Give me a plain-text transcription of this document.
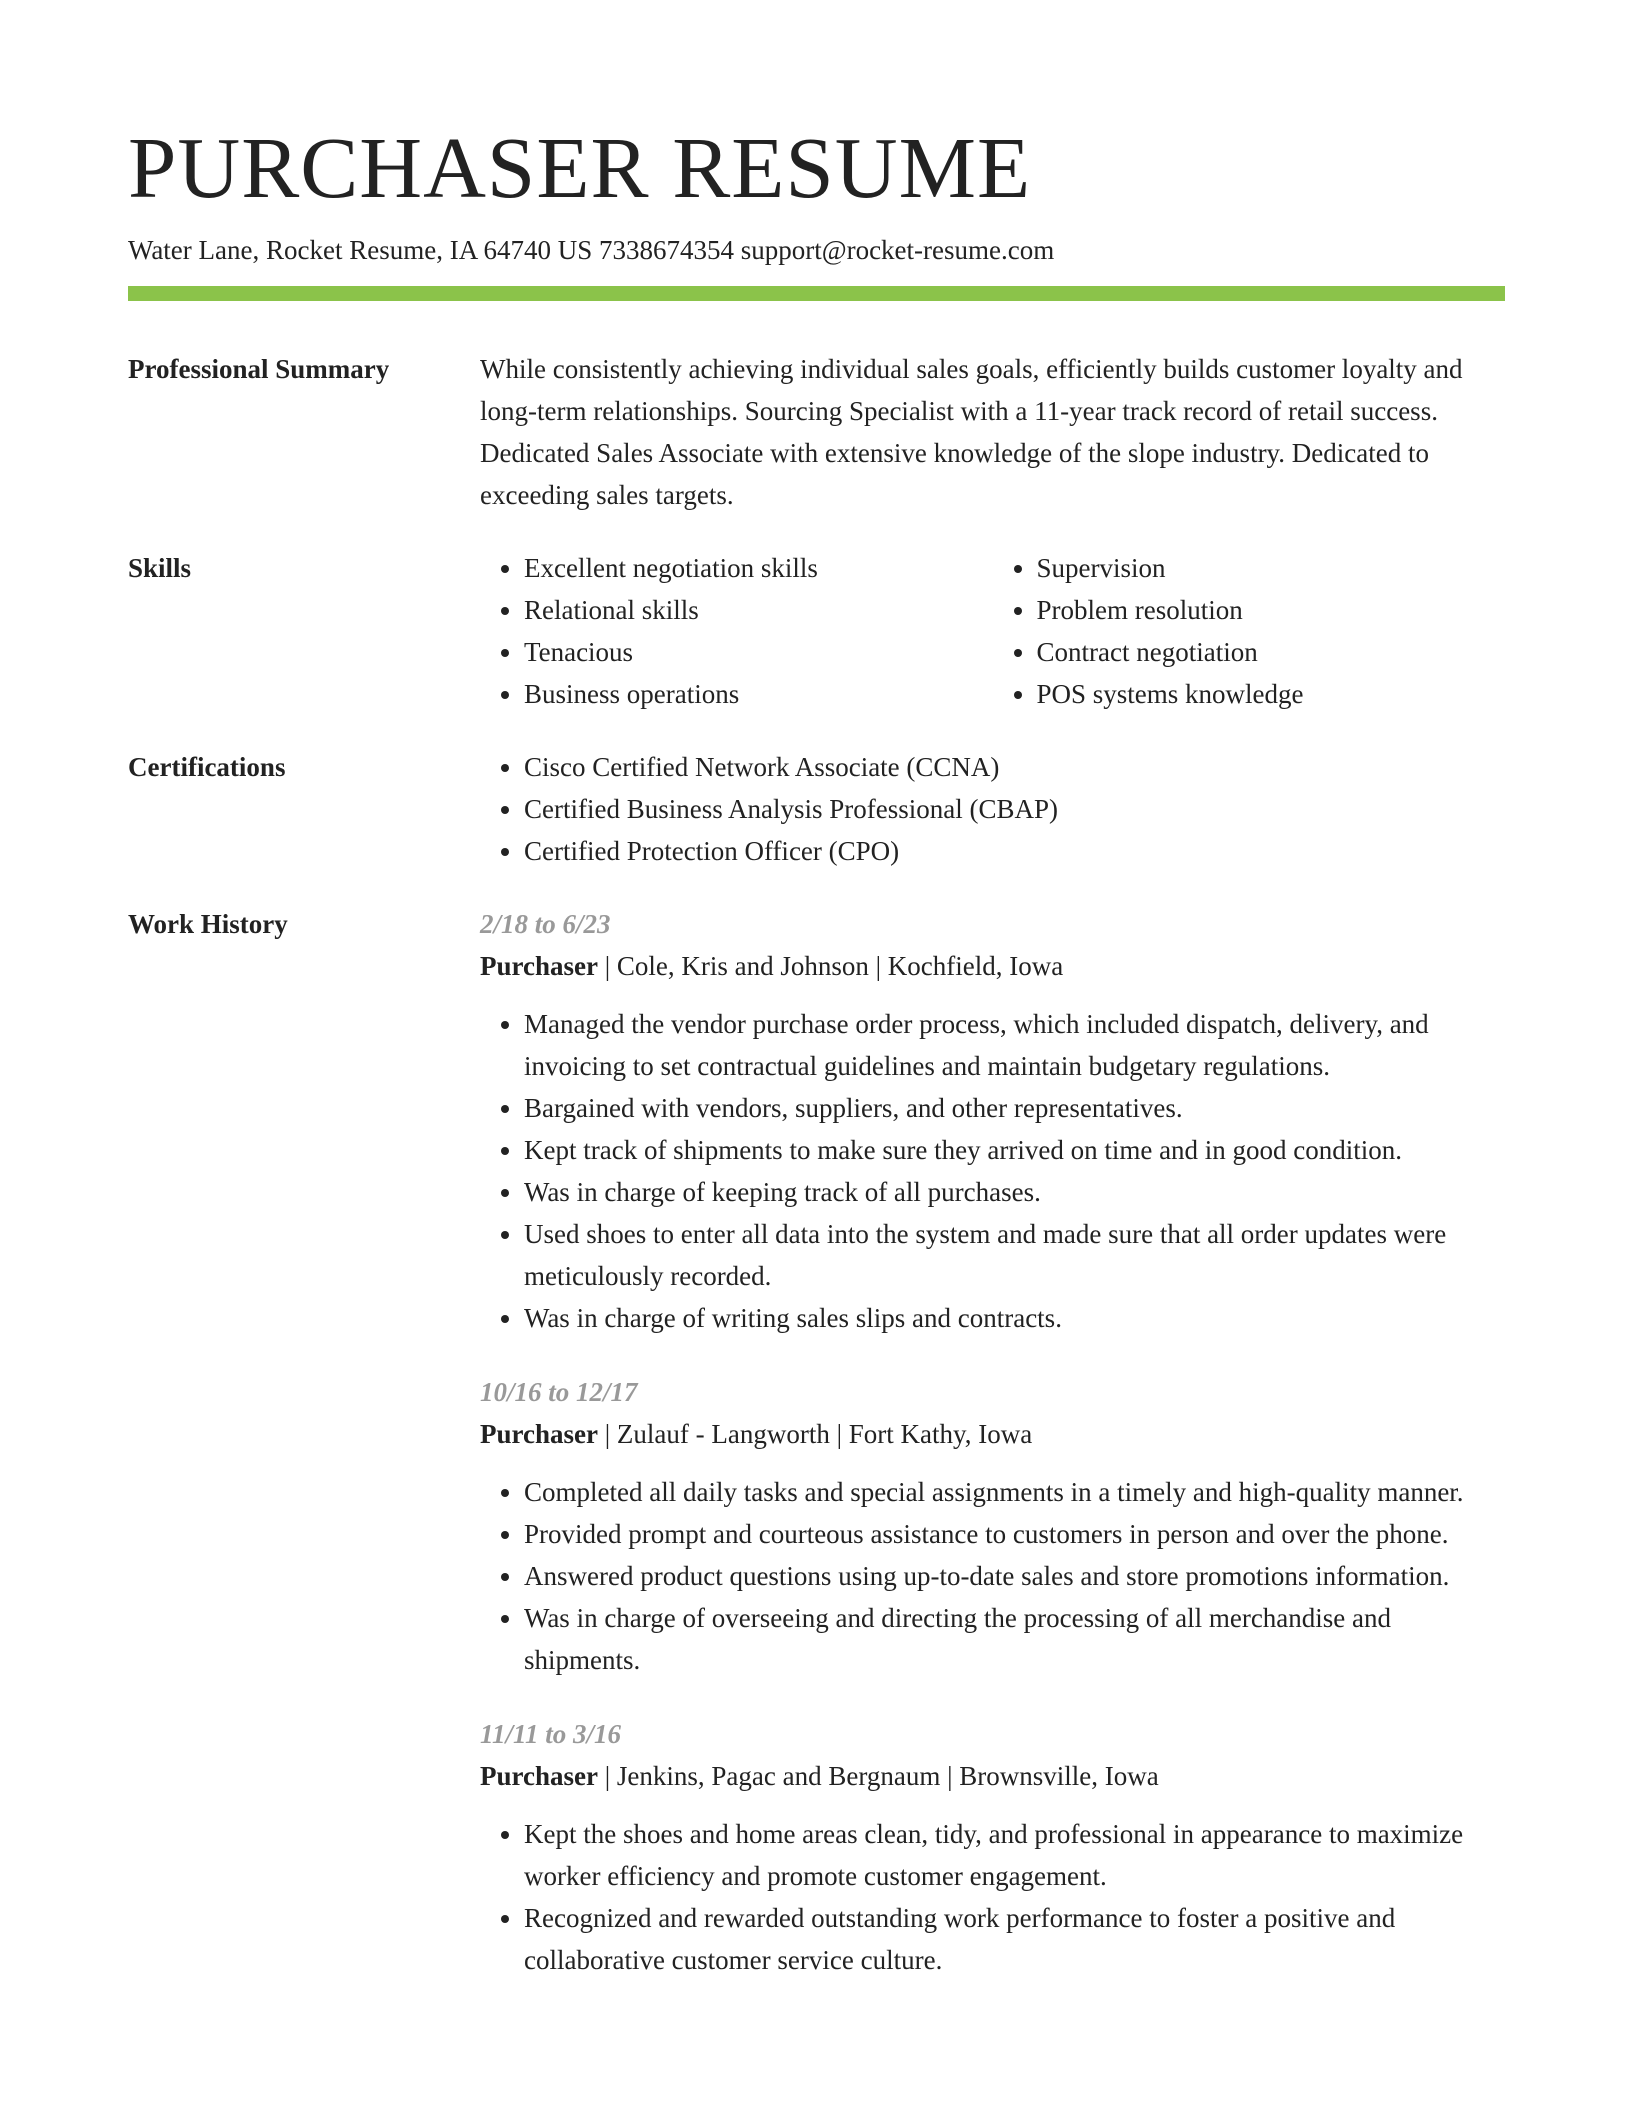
PURCHASER RESUME
Water Lane, Rocket Resume, IA 64740 US 7338674354 support@rocket-resume.com
Professional Summary	While consistently achieving individual sales goals, efficiently builds customer loyalty and long-term relationships. Sourcing Specialist with a 11-year track record of retail success. Dedicated Sales Associate with extensive knowledge of the slope industry. Dedicated to exceeding sales targets.

Skills	• Excellent negotiation skills
• Relational skills
• Tenacious
• Business operations
• Supervision
• Problem resolution
• Contract negotiation
• POS systems knowledge
Certifications	• Cisco Certified Network Associate (CCNA)
• Certified Business Analysis Professional (CBAP)
• Certified Protection Officer (CPO)
Work History	2/18 to 6/23
Purchaser | Cole, Kris and Johnson | Kochfield, Iowa
• Managed the vendor purchase order process, which included dispatch, delivery, and invoicing to set contractual guidelines and maintain budgetary regulations.
• Bargained with vendors, suppliers, and other representatives.
• Kept track of shipments to make sure they arrived on time and in good condition.
• Was in charge of keeping track of all purchases.
• Used shoes to enter all data into the system and made sure that all order updates were meticulously recorded.
• Was in charge of writing sales slips and contracts.
10/16 to 12/17
Purchaser | Zulauf - Langworth | Fort Kathy, Iowa
• Completed all daily tasks and special assignments in a timely and high-quality manner.
• Provided prompt and courteous assistance to customers in person and over the phone.
• Answered product questions using up-to-date sales and store promotions information.
• Was in charge of overseeing and directing the processing of all merchandise and shipments.
11/11 to 3/16
Purchaser | Jenkins, Pagac and Bergnaum | Brownsville, Iowa
• Kept the shoes and home areas clean, tidy, and professional in appearance to maximize worker efficiency and promote customer engagement.
• Recognized and rewarded outstanding work performance to foster a positive and collaborative customer service culture.
